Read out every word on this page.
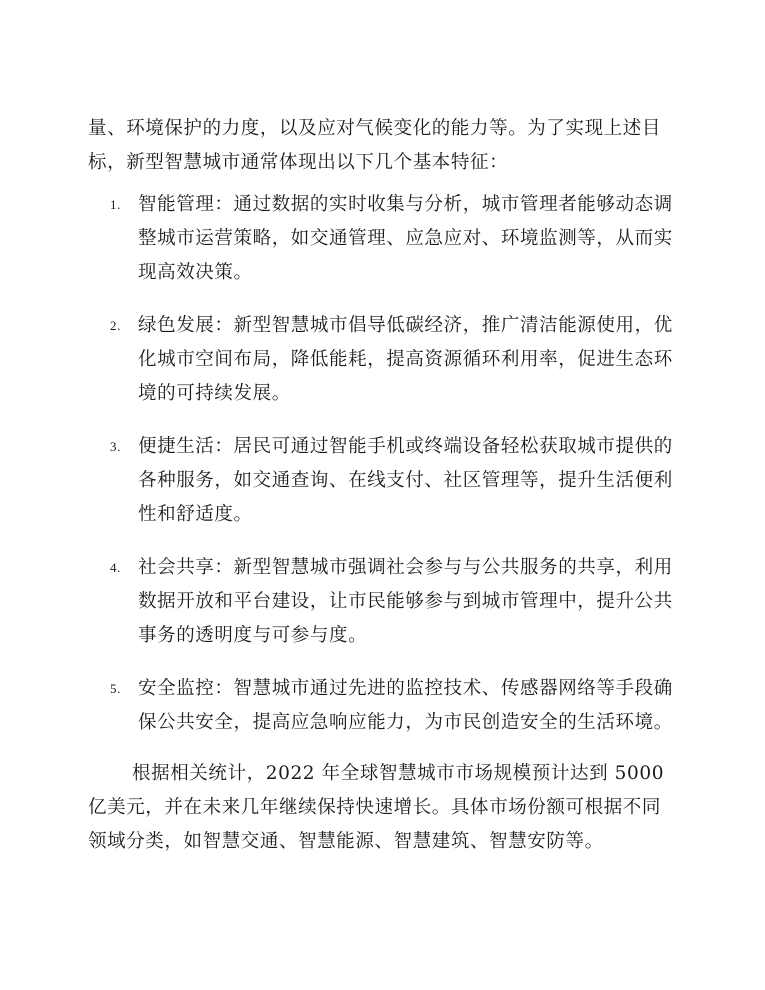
量、环境保护的力度，以及应对气候变化的能力等。为了实现上述目标，新型智慧城市通常体现出以下几个基本特征：

1. 智能管理：通过数据的实时收集与分析，城市管理者能够动态调整城市运营策略，如交通管理、应急应对、环境监测等，从而实现高效决策。
2. 绿色发展：新型智慧城市倡导低碳经济，推广清洁能源使用，优化城市空间布局，降低能耗，提高资源循环利用率，促进生态环境的可持续发展。
3. 便捷生活：居民可通过智能手机或终端设备轻松获取城市提供的各种服务，如交通查询、在线支付、社区管理等，提升生活便利性和舒适度。
4. 社会共享：新型智慧城市强调社会参与与公共服务的共享，利用数据开放和平台建设，让市民能够参与到城市管理中，提升公共事务的透明度与可参与度。
5. 安全监控：智慧城市通过先进的监控技术、传感器网络等手段确保公共安全，提高应急响应能力，为市民创造安全的生活环境。

根据相关统计，2022 年全球智慧城市市场规模预计达到 5000 亿美元，并在未来几年继续保持快速增长。具体市场份额可根据不同领域分类，如智慧交通、智慧能源、智慧建筑、智慧安防等。
